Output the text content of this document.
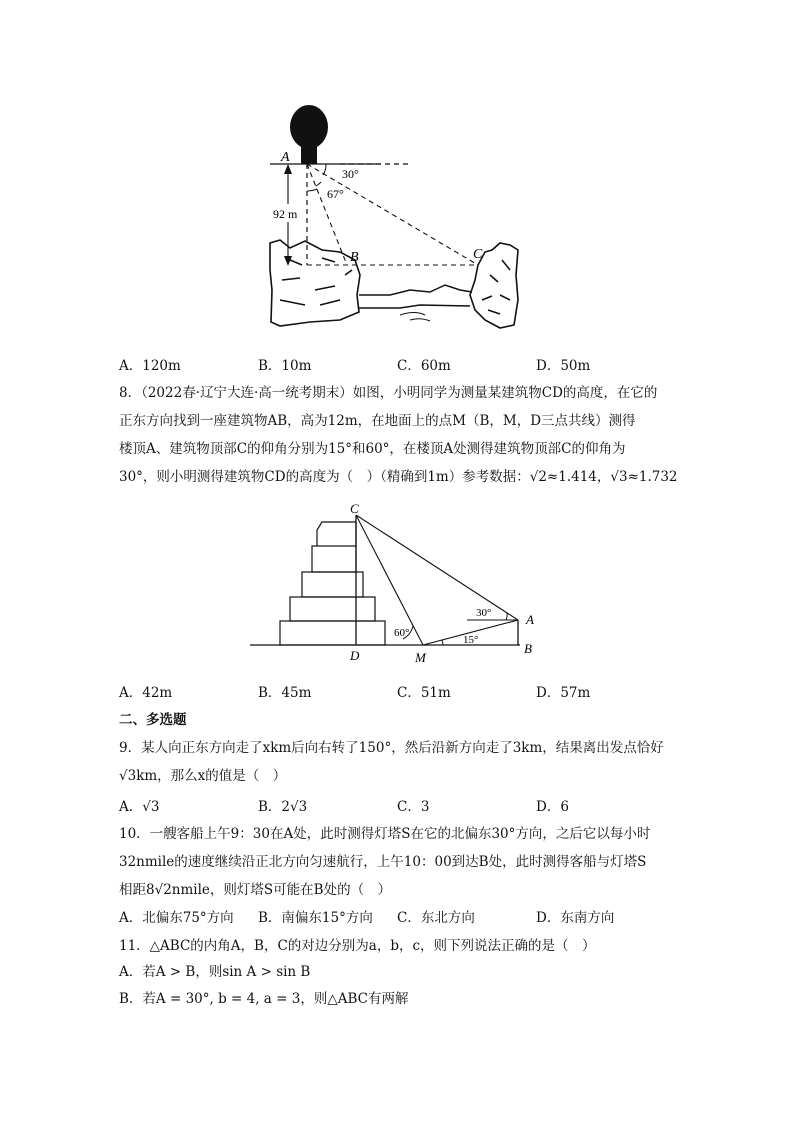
A
30°
67°
92 m
B	C
A．120m	B．10m	C．60m	D．50m
8．（2022春·辽宁大连·高一统考期末）如图，小明同学为测量某建筑物CD的高度，在它的
正东方向找到一座建筑物AB，高为12m，在地面上的点M（B，M，D三点共线）测得
楼顶A、建筑物顶部C的仰角分别为15°和60°，在楼顶A处测得建筑物顶部C的仰角为
30°，则小明测得建筑物CD的高度为（　）（精确到1m）参考数据：√2≈1.414，√3≈1.732
C
30°	A
60°
15°
B
D	M
A．42m	B．45m	C．51m	D．57m
二、多选题
9．某人向正东方向走了xkm后向右转了150°，然后沿新方向走了3km，结果离出发点恰好
√3km，那么x的值是（　）
A．√3	B．2√3	C．3	D．6
10．一艘客船上午9：30在A处，此时测得灯塔S在它的北偏东30°方向，之后它以每小时
32nmile的速度继续沿正北方向匀速航行，上午10：00到达B处，此时测得客船与灯塔S
相距8√2nmile，则灯塔S可能在B处的（　）
A．北偏东75°方向 B．南偏东15°方向 C．东北方向	D．东南方向
11．△ABC的内角A，B，C的对边分别为a，b，c，则下列说法正确的是（　）
A．若A > B，则sin A > sin B
B．若A = 30°, b = 4, a = 3，则△ABC有两解
